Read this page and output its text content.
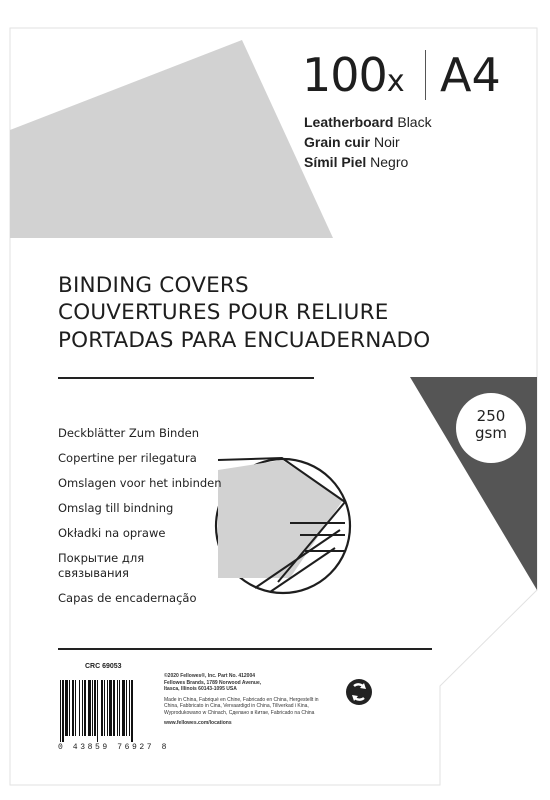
100x A4
Leatherboard Black
Grain cuir Noir
Símil Piel Negro
BINDING COVERS
COUVERTURES POUR RELIURE
PORTADAS PARA ENCUADERNADO
Deckblätter Zum Binden
Copertine per rilegatura
Omslagen voor het inbinden
Omslag till bindning
Okładki na oprawe
Покрытие для связывания
Capas de encadernação
250
gsm
CRC 69053
0 43859 76927 8

©2020 Fellowes®, Inc. Part No. 412004
Fellowes Brands, 1789 Norwood Avenue,
Itasca, Illinois 60143-1095 USA

Made in China, Fabriqué en Chine, Fabricado en China, Hergestellt in China, Fabbricato in Cina, Vervaardigd in China, Tillverkad i Kina, Wyprodukowano w Chinach, Сделано в Китае, Fabricado na China

www.fellowes.com/locations
